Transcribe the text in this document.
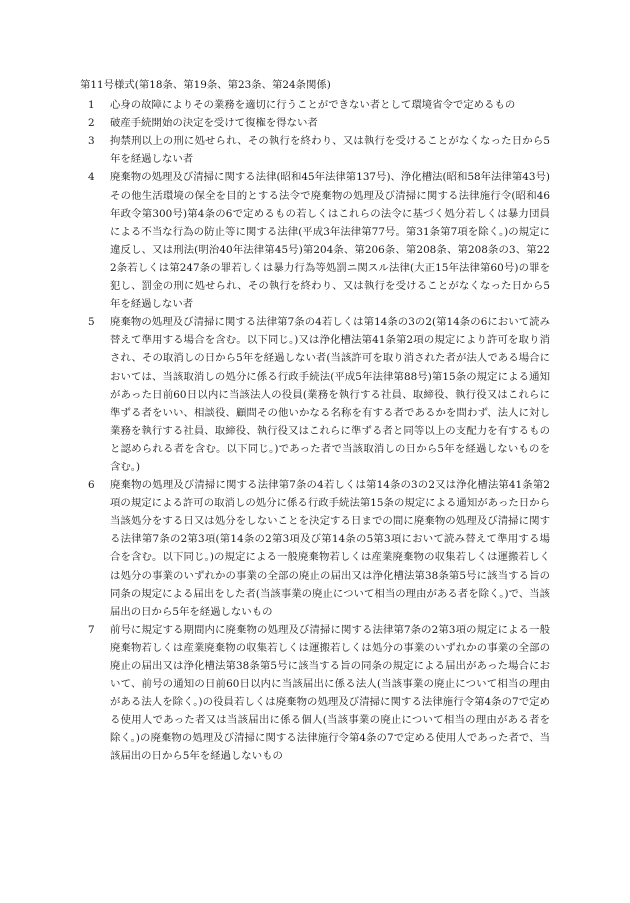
第11号様式(第18条、第19条、第23条、第24条関係)
1	心身の故障によりその業務を適切に行うことができない者として環境省令で定めるもの
2	破産手続開始の決定を受けて復権を得ない者
3	拘禁刑以上の刑に処せられ、その執行を終わり、又は執行を受けることがなくなった日から5年を経過しない者
4	廃棄物の処理及び清掃に関する法律(昭和45年法律第137号)、浄化槽法(昭和58年法律第43号)その他生活環境の保全を目的とする法令で廃棄物の処理及び清掃に関する法律施行令(昭和46年政令第300号)第4条の6で定めるもの若しくはこれらの法令に基づく処分若しくは暴力団員による不当な行為の防止等に関する法律(平成3年法律第77号。第31条第7項を除く。)の規定に違反し、又は刑法(明治40年法律第45号)第204条、第206条、第208条、第208条の3、第222条若しくは第247条の罪若しくは暴力行為等処罰ニ関スル法律(大正15年法律第60号)の罪を犯し、罰金の刑に処せられ、その執行を終わり、又は執行を受けることがなくなった日から5年を経過しない者
5	廃棄物の処理及び清掃に関する法律第7条の4若しくは第14条の3の2(第14条の6において読み替えて準用する場合を含む。以下同じ。)又は浄化槽法第41条第2項の規定により許可を取り消され、その取消しの日から5年を経過しない者(当該許可を取り消された者が法人である場合においては、当該取消しの処分に係る行政手続法(平成5年法律第88号)第15条の規定による通知があった日前60日以内に当該法人の役員(業務を執行する社員、取締役、執行役又はこれらに準ずる者をいい、相談役、顧問その他いかなる名称を有する者であるかを問わず、法人に対し業務を執行する社員、取締役、執行役又はこれらに準ずる者と同等以上の支配力を有するものと認められる者を含む。以下同じ。)であった者で当該取消しの日から5年を経過しないものを含む。)
6	廃棄物の処理及び清掃に関する法律第7条の4若しくは第14条の3の2又は浄化槽法第41条第2項の規定による許可の取消しの処分に係る行政手続法第15条の規定による通知があった日から当該処分をする日又は処分をしないことを決定する日までの間に廃棄物の処理及び清掃に関する法律第7条の2第3項(第14条の2第3項及び第14条の5第3項において読み替えて準用する場合を含む。以下同じ。)の規定による一般廃棄物若しくは産業廃棄物の収集若しくは運搬若しくは処分の事業のいずれかの事業の全部の廃止の届出又は浄化槽法第38条第5号に該当する旨の同条の規定による届出をした者(当該事業の廃止について相当の理由がある者を除く。)で、当該届出の日から5年を経過しないもの
7	前号に規定する期間内に廃棄物の処理及び清掃に関する法律第7条の2第3項の規定による一般廃棄物若しくは産業廃棄物の収集若しくは運搬若しくは処分の事業のいずれかの事業の全部の廃止の届出又は浄化槽法第38条第5号に該当する旨の同条の規定による届出があった場合において、前号の通知の日前60日以内に当該届出に係る法人(当該事業の廃止について相当の理由がある法人を除く。)の役員若しくは廃棄物の処理及び清掃に関する法律施行令第4条の7で定める使用人であった者又は当該届出に係る個人(当該事業の廃止について相当の理由がある者を除く。)の廃棄物の処理及び清掃に関する法律施行令第4条の7で定める使用人であった者で、当該届出の日から5年を経過しないもの
